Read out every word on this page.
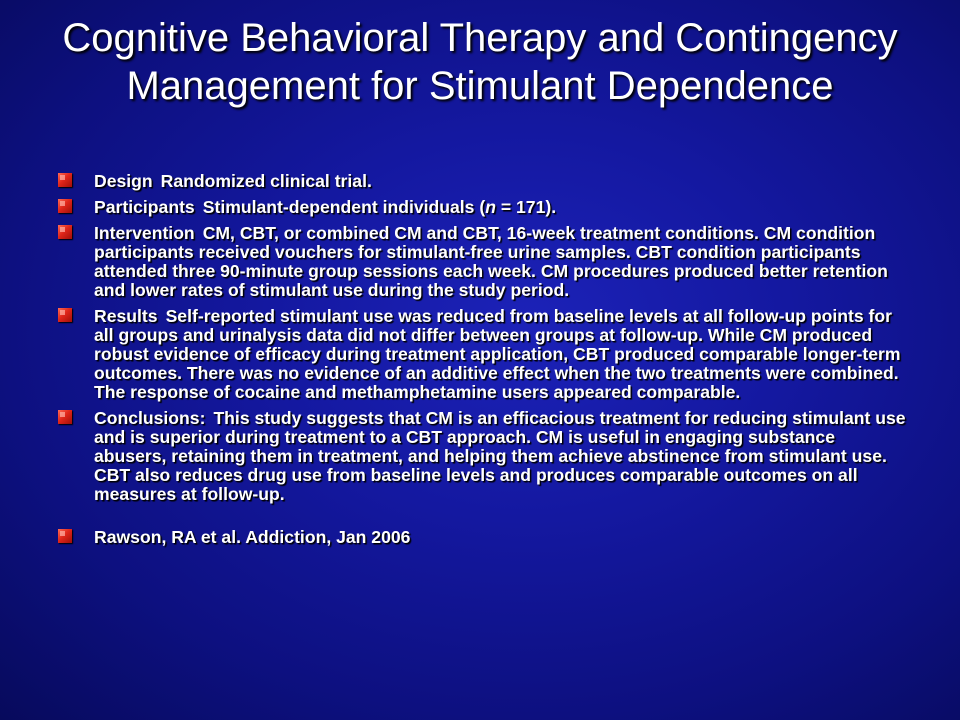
Cognitive Behavioral Therapy and Contingency Management for Stimulant Dependence
Design Randomized clinical trial.
Participants Stimulant-dependent individuals (n = 171).
Intervention CM, CBT, or combined CM and CBT, 16-week treatment conditions. CM condition participants received vouchers for stimulant-free urine samples. CBT condition participants attended three 90-minute group sessions each week. CM procedures produced better retention and lower rates of stimulant use during the study period.
Results Self-reported stimulant use was reduced from baseline levels at all follow-up points for all groups and urinalysis data did not differ between groups at follow-up. While CM produced robust evidence of efficacy during treatment application, CBT produced comparable longer-term outcomes. There was no evidence of an additive effect when the two treatments were combined. The response of cocaine and methamphetamine users appeared comparable.
Conclusions: This study suggests that CM is an efficacious treatment for reducing stimulant use and is superior during treatment to a CBT approach. CM is useful in engaging substance abusers, retaining them in treatment, and helping them achieve abstinence from stimulant use. CBT also reduces drug use from baseline levels and produces comparable outcomes on all measures at follow-up.
Rawson, RA et al. Addiction, Jan 2006
